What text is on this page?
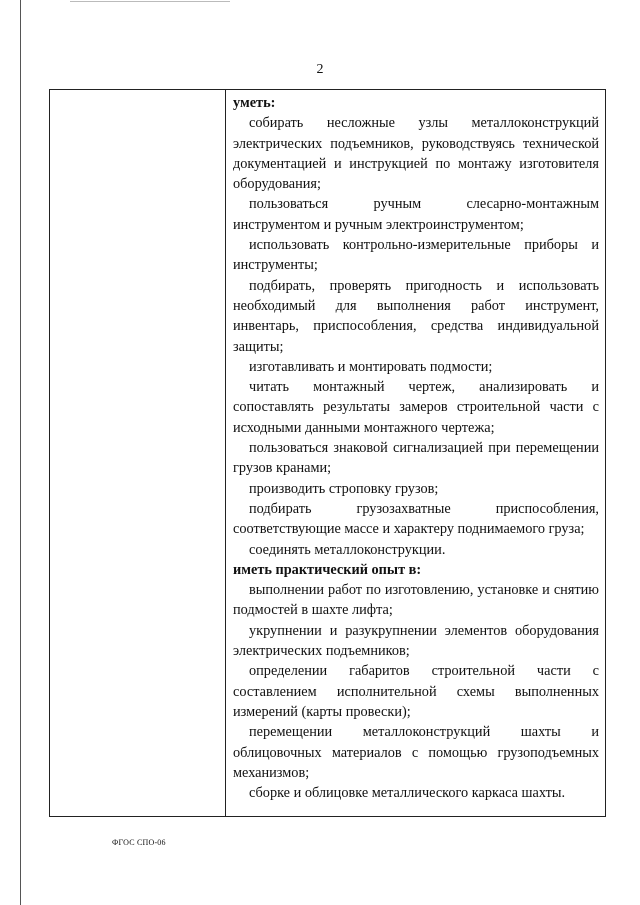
2
уметь:

собирать несложные узлы металлоконструкций электрических подъемников, руководствуясь технической документацией и инструкцией по монтажу изготовителя оборудования;

пользоваться ручным слесарно-монтажным инструментом и ручным электроинструментом;

использовать контрольно-измерительные приборы и инструменты;

подбирать, проверять пригодность и использовать необходимый для выполнения работ инструмент, инвентарь, приспособления, средства индивидуальной защиты;

изготавливать и монтировать подмости;

читать монтажный чертеж, анализировать и сопоставлять результаты замеров строительной части с исходными данными монтажного чертежа;

пользоваться знаковой сигнализацией при перемещении грузов кранами;

производить строповку грузов;

подбирать грузозахватные приспособления, соответствующие массе и характеру поднимаемого груза;

соединять металлоконструкции.

иметь практический опыт в:

выполнении работ по изготовлению, установке и снятию подмостей в шахте лифта;

укрупнении и разукрупнении элементов оборудования электрических подъемников;

определении габаритов строительной части с составлением исполнительной схемы выполненных измерений (карты провески);

перемещении металлоконструкций шахты и облицовочных материалов с помощью грузоподъемных механизмов;

сборке и облицовке металлического каркаса шахты.

ФГОС СПО-06
